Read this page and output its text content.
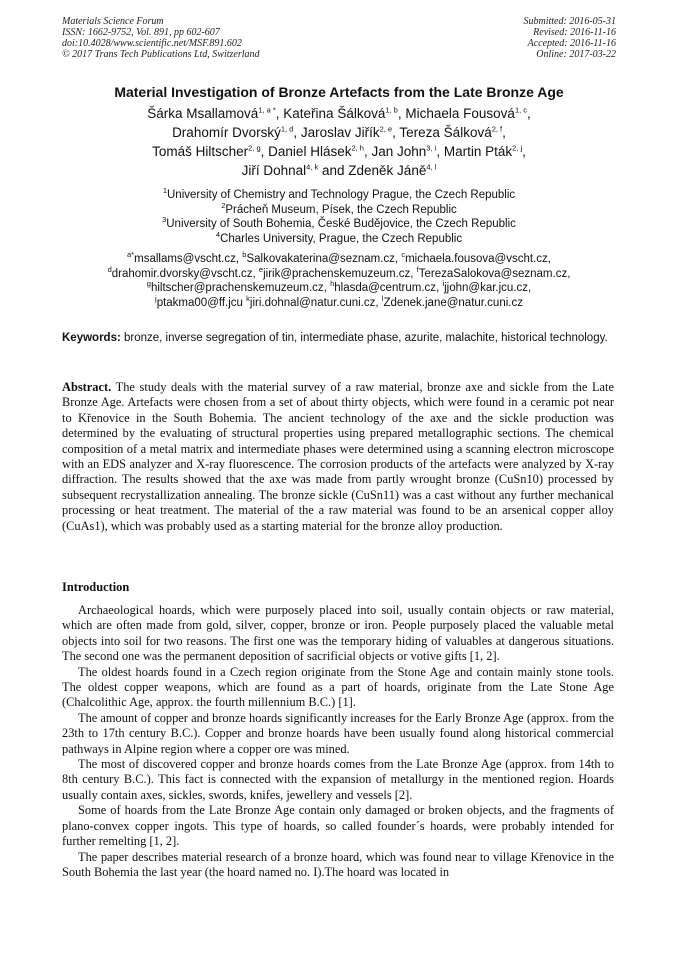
Materials Science Forum
ISSN: 1662-9752, Vol. 891, pp 602-607
doi:10.4028/www.scientific.net/MSF.891.602
© 2017 Trans Tech Publications Ltd, Switzerland
Submitted: 2016-05-31
Revised: 2016-11-16
Accepted: 2016-11-16
Online: 2017-03-22
Material Investigation of Bronze Artefacts from the Late Bronze Age
Šárka Msallamová$^{1, a *}$, Kateřina Šálková$^{1, b}$, Michaela Fousová$^{1, c}$,
Drahomír Dvorský$^{1, d}$, Jaroslav Jiřík$^{2, e}$, Tereza Šálková$^{2, f}$,
Tomáš Hiltscher$^{2, g}$, Daniel Hlásek$^{2, h}$, Jan John$^{3, i}$, Martin Pták$^{2, j}$,
Jiří Dohnal$^{4, k}$ and Zdeněk Jáně$^{4, l}$
$^1$University of Chemistry and Technology Prague, the Czech Republic
$^2$Prácheň Museum, Písek, the Czech Republic
$^3$University of South Bohemia, České Budějovice, the Czech Republic
$^4$Charles University, Prague, the Czech Republic
$^{a*}$msallams@vscht.cz, $^b$Salkovakaterina@seznam.cz, $^c$michaela.fousova@vscht.cz,
$^d$drahomir.dvorsky@vscht.cz, $^e$jirik@prachenskemuzeum.cz, $^f$TerezaSalokova@seznam.cz,
$^g$hiltscher@prachenskemuzeum.cz, $^h$hlasda@centrum.cz, $^i$jjohn@kar.jcu.cz,
$^j$ptakma00@ff.jcu $^k$jiri.dohnal@natur.cuni.cz, $^l$Zdenek.jane@natur.cuni.cz
Keywords: bronze, inverse segregation of tin, intermediate phase, azurite, malachite, historical technology.

Abstract. The study deals with the material survey of a raw material, bronze axe and sickle from the Late Bronze Age. Artefacts were chosen from a set of about thirty objects, which were found in a ceramic pot near to Křenovice in the South Bohemia. The ancient technology of the axe and the sickle production was determined by the evaluating of structural properties using prepared metallographic sections. The chemical composition of a metal matrix and intermediate phases were determined using a scanning electron microscope with an EDS analyzer and X-ray fluorescence. The corrosion products of the artefacts were analyzed by X-ray diffraction. The results showed that the axe was made from partly wrought bronze (CuSn10) processed by subsequent recrystallization annealing. The bronze sickle (CuSn11) was a cast without any further mechanical processing or heat treatment. The material of the a raw material was found to be an arsenical copper alloy (CuAs1), which was probably used as a starting material for the bronze alloy production.

Introduction

Archaeological hoards, which were purposely placed into soil, usually contain objects or raw material, which are often made from gold, silver, copper, bronze or iron. People purposely placed the valuable metal objects into soil for two reasons. The first one was the temporary hiding of valuables at dangerous situations. The second one was the permanent deposition of sacrificial objects or votive gifts [1, 2].

The oldest hoards found in a Czech region originate from the Stone Age and contain mainly stone tools. The oldest copper weapons, which are found as a part of hoards, originate from the Late Stone Age (Chalcolithic Age, approx. the fourth millennium B.C.) [1].

The amount of copper and bronze hoards significantly increases for the Early Bronze Age (approx. from the 23th to 17th century B.C.). Copper and bronze hoards have been usually found along historical commercial pathways in Alpine region where a copper ore was mined.

The most of discovered copper and bronze hoards comes from the Late Bronze Age (approx. from 14th to 8th century B.C.). This fact is connected with the expansion of metallurgy in the mentioned region. Hoards usually contain axes, sickles, swords, knifes, jewellery and vessels [2].

Some of hoards from the Late Bronze Age contain only damaged or broken objects, and the fragments of plano-convex copper ingots. This type of hoards, so called founder´s hoards, were probably intended for further remelting [1, 2].

The paper describes material research of a bronze hoard, which was found near to village Křenovice in the South Bohemia the last year (the hoard named no. I).The hoard was located in
